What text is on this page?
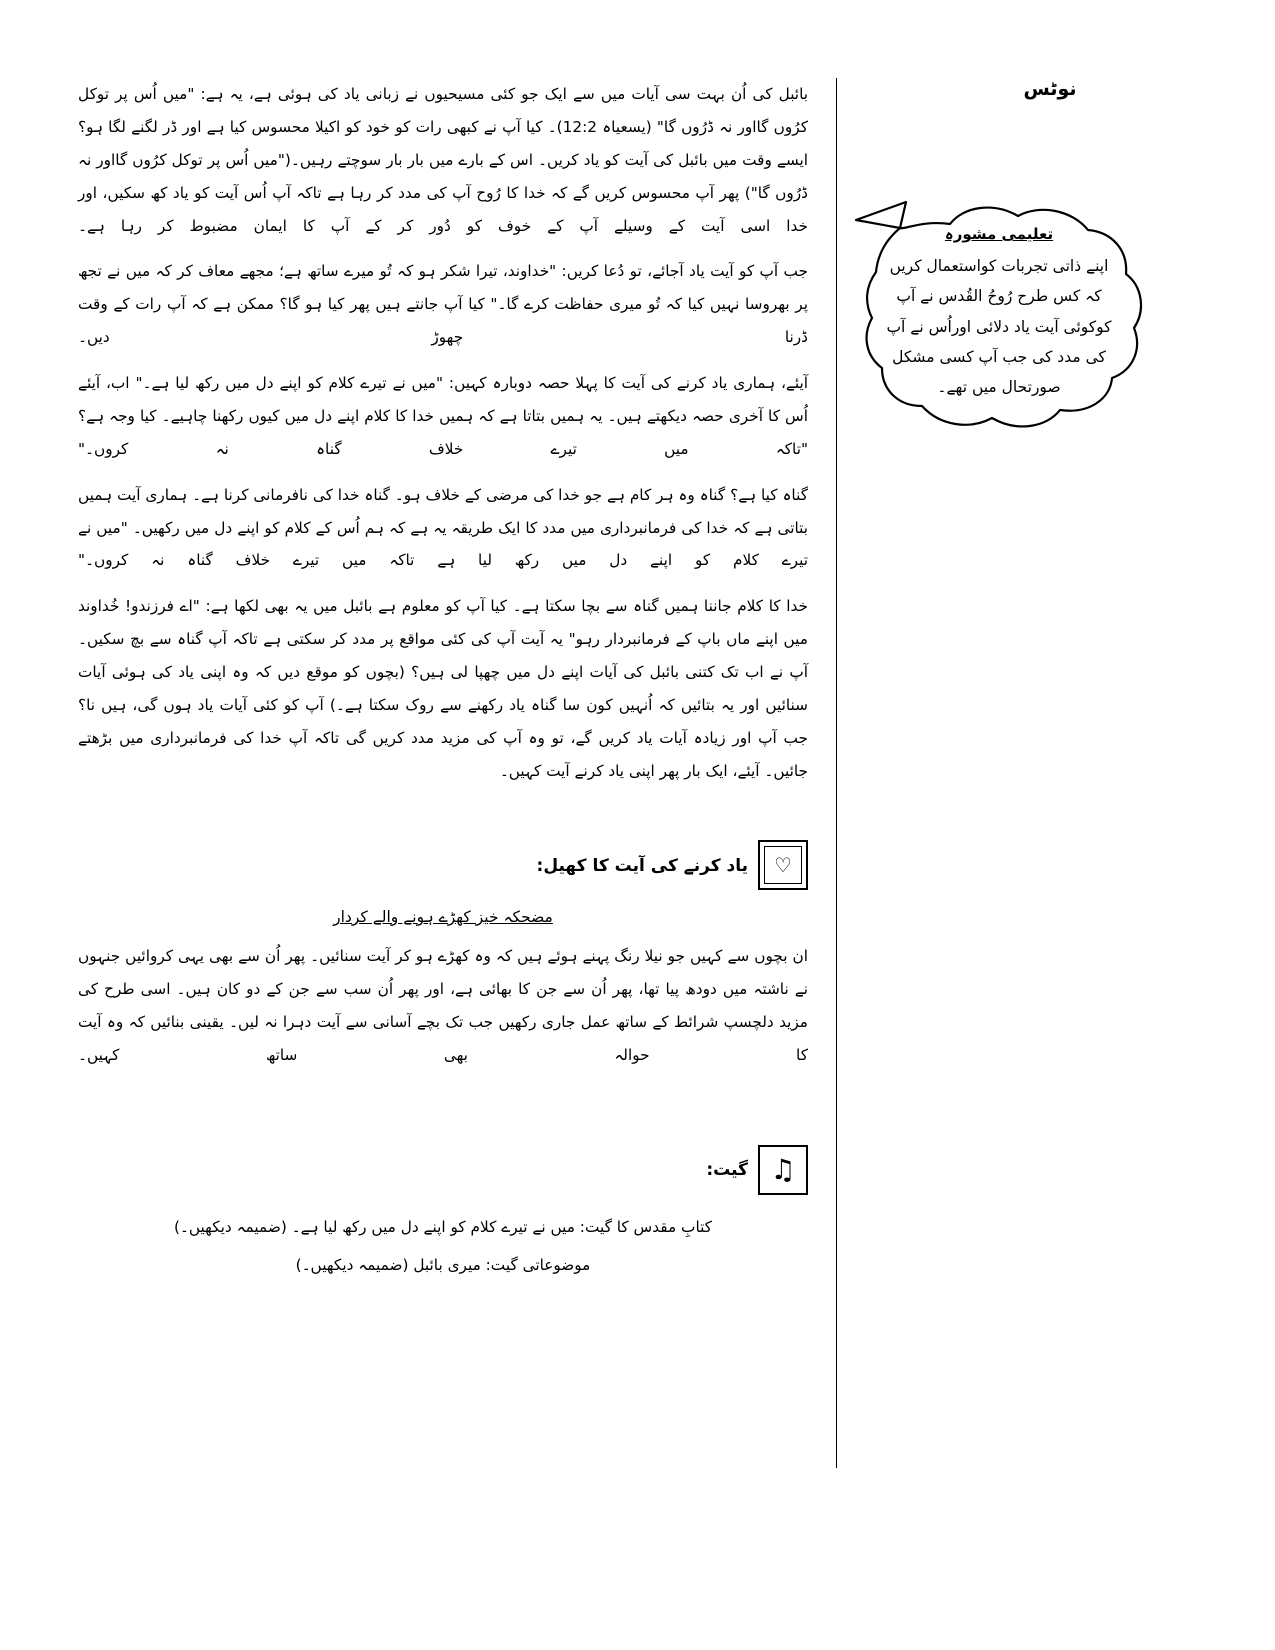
نوٹس
تعلیمی مشورہ
اپنے ذاتی تجربات کواستعمال کریں کہ کس طرح رُوحُ القُدس نے آپ کوکوئی آیت یاد دلائی اوراُس نے آپ کی مدد کی جب آپ کسی مشکل صورتحال میں تھے۔

بائبل کی اُن بہت سی آیات میں سے ایک جو کئی مسیحیوں نے زبانی یاد کی ہوئی ہے، یہ ہے: "میں اُس پر توکل کرُوں گااور نہ ڈرُوں گا" (یسعیاہ 12:2)۔ کیا آپ نے کبھی رات کو خود کو اکیلا محسوس کیا ہے اور ڈر لگنے لگا ہو؟ ایسے وقت میں بائبل کی آیت کو یاد کریں۔ اس کے بارے میں بار بار سوچتے رہیں۔("میں اُس پر توکل کرُوں گااور نہ ڈرُوں گا") پھر آپ محسوس کریں گے کہ خدا کا رُوح آپ کی مدد کر رہا ہے تاکہ آپ اُس آیت کو یاد کھ سکیں، اور خدا اسی آیت کے وسیلے آپ کے خوف کو دُور کر کے آپ کا ایمان مضبوط کر رہا ہے۔

جب آپ کو آیت یاد آجائے، تو دُعا کریں: "خداوند، تیرا شکر ہو کہ تُو میرے ساتھ ہے؛ مجھے معاف کر کہ میں نے تجھ پر بھروسا نہیں کیا کہ تُو میری حفاظت کرے گا۔" کیا آپ جانتے ہیں پھر کیا ہو گا؟ ممکن ہے کہ آپ رات کے وقت ڈرنا چھوڑ دیں۔

آیئے، ہماری یاد کرنے کی آیت کا پہلا حصہ دوبارہ کہیں: "میں نے تیرے کلام کو اپنے دل میں رکھ لیا ہے۔" اب، آیئے اُس کا آخری حصہ دیکھتے ہیں۔ یہ ہمیں بتاتا ہے کہ ہمیں خدا کا کلام اپنے دل میں کیوں رکھنا چاہیے۔ کیا وجہ ہے؟ "تاکہ میں تیرے خلاف گناہ نہ کروں۔"

گناہ کیا ہے؟ گناہ وہ ہر کام ہے جو خدا کی مرضی کے خلاف ہو۔ گناہ خدا کی نافرمانی کرنا ہے۔ ہماری آیت ہمیں بتاتی ہے کہ خدا کی فرمانبرداری میں مدد کا ایک طریقہ یہ ہے کہ ہم اُس کے کلام کو اپنے دل میں رکھیں۔ "میں نے تیرے کلام کو اپنے دل میں رکھ لیا ہے تاکہ میں تیرے خلاف گناہ نہ کروں۔"

خدا کا کلام جاننا ہمیں گناہ سے بچا سکتا ہے۔ کیا آپ کو معلوم ہے بائبل میں یہ بھی لکھا ہے: "اے فرزندو! خُداوند میں اپنے ماں باپ کے فرمانبردار رہو" یہ آیت آپ کی کئی مواقع پر مدد کر سکتی ہے تاکہ آپ گناہ سے بچ سکیں۔ آپ نے اب تک کتنی بائبل کی آیات اپنے دل میں چھپا لی ہیں؟ (بچوں کو موقع دیں کہ وہ اپنی یاد کی ہوئی آیات سنائیں اور یہ بتائیں کہ اُنہیں کون سا گناہ یاد رکھنے سے روک سکتا ہے۔) آپ کو کئی آیات یاد ہوں گی، ہیں نا؟ جب آپ اور زیادہ آیات یاد کریں گے، تو وہ آپ کی مزید مدد کریں گی تاکہ آپ خدا کی فرمانبرداری میں بڑھتے جائیں۔ آیئے، ایک بار پھر اپنی یاد کرنے آیت کہیں۔

♡
یاد کرنے کی آیت کا کھیل:
مضحکہ خیز کھڑے ہونے والے کردار
ان بچوں سے کہیں جو نیلا رنگ پہنے ہوئے ہیں کہ وہ کھڑے ہو کر آیت سنائیں۔ پھر اُن سے بھی یہی کروائیں جنہوں نے ناشتہ میں دودھ پیا تھا، پھر اُن سے جن کا بھائی ہے، اور پھر اُن سب سے جن کے دو کان ہیں۔ اسی طرح کی مزید دلچسپ شرائط کے ساتھ عمل جاری رکھیں جب تک بچے آسانی سے آیت دہرا نہ لیں۔ یقینی بنائیں کہ وہ آیت کا حوالہ بھی ساتھ کہیں۔
♫
گیت:
کتابِ مقدس کا گیت: میں نے تیرے کلام کو اپنے دل میں رکھ لیا ہے۔ (ضمیمہ دیکھیں۔)
موضوعاتی گیت: میری بائبل (ضمیمہ دیکھیں۔)
